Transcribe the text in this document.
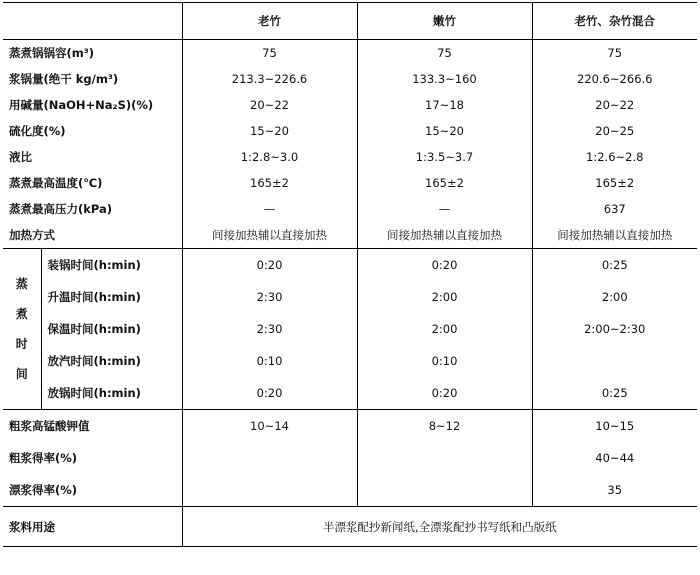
		老竹	嫩竹	老竹、杂竹混合
蒸煮锅锅容(m³)		75	75	75
浆锅量(绝干 kg/m³)		213.3~226.6	133.3~160	220.6~266.6
用碱量(NaOH+Na₂S)(%)		20~22	17~18	20~22
硫化度(%)		15~20	15~20	20~25
液比		1:2.8~3.0	1:3.5~3.7	1:2.6~2.8
蒸煮最高温度(℃)		165±2	165±2	165±2
蒸煮最高压力(kPa)		—	—	637
加热方式		间接加热辅以直接加热	间接加热辅以直接加热	间接加热辅以直接加热

蒸
煮
时
间	装锅时间(h:min)	0:20	0:20	0:25
	升温时间(h:min)	2:30	2:00	2:00
	保温时间(h:min)	2:30	2:00	2:00~2:30
	放汽时间(h:min)	0:10	0:10	
	放锅时间(h:min)	0:20	0:20	0:25
粗浆高锰酸钾值		10~14	8~12	10~15
粗浆得率(%)				40~44
漂浆得率(%)				35
浆料用途		半漂浆配抄新闻纸,全漂浆配抄书写纸和凸版纸		
